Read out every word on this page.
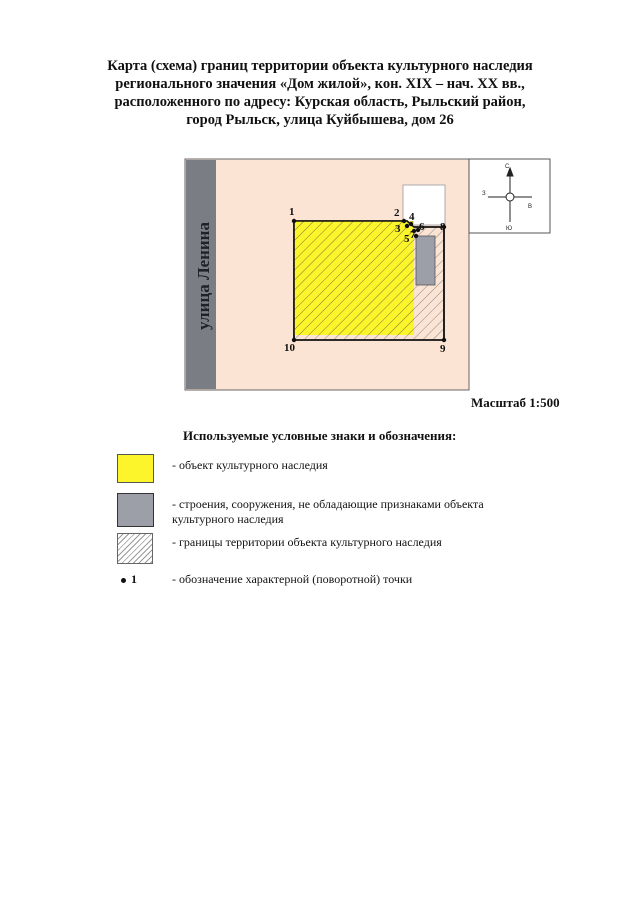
Карта (схема) границ территории объекта культурного наследия
регионального значения «Дом жилой», кон. XIX – нач. XX вв.,
расположенного по адресу: Курская область, Рыльский район,
город Рыльск, улица Куйбышева, дом 26
улица Ленина
С
Ю
З
В
1	2
3
4
5
6
7
8
9
10
Масштаб 1:500
Используемые условные знаки и обозначения:
- объект культурного наследия
- строения, сооружения, не обладающие признаками объекта
культурного наследия
- границы территории объекта культурного наследия
1	- обозначение характерной (поворотной) точки
